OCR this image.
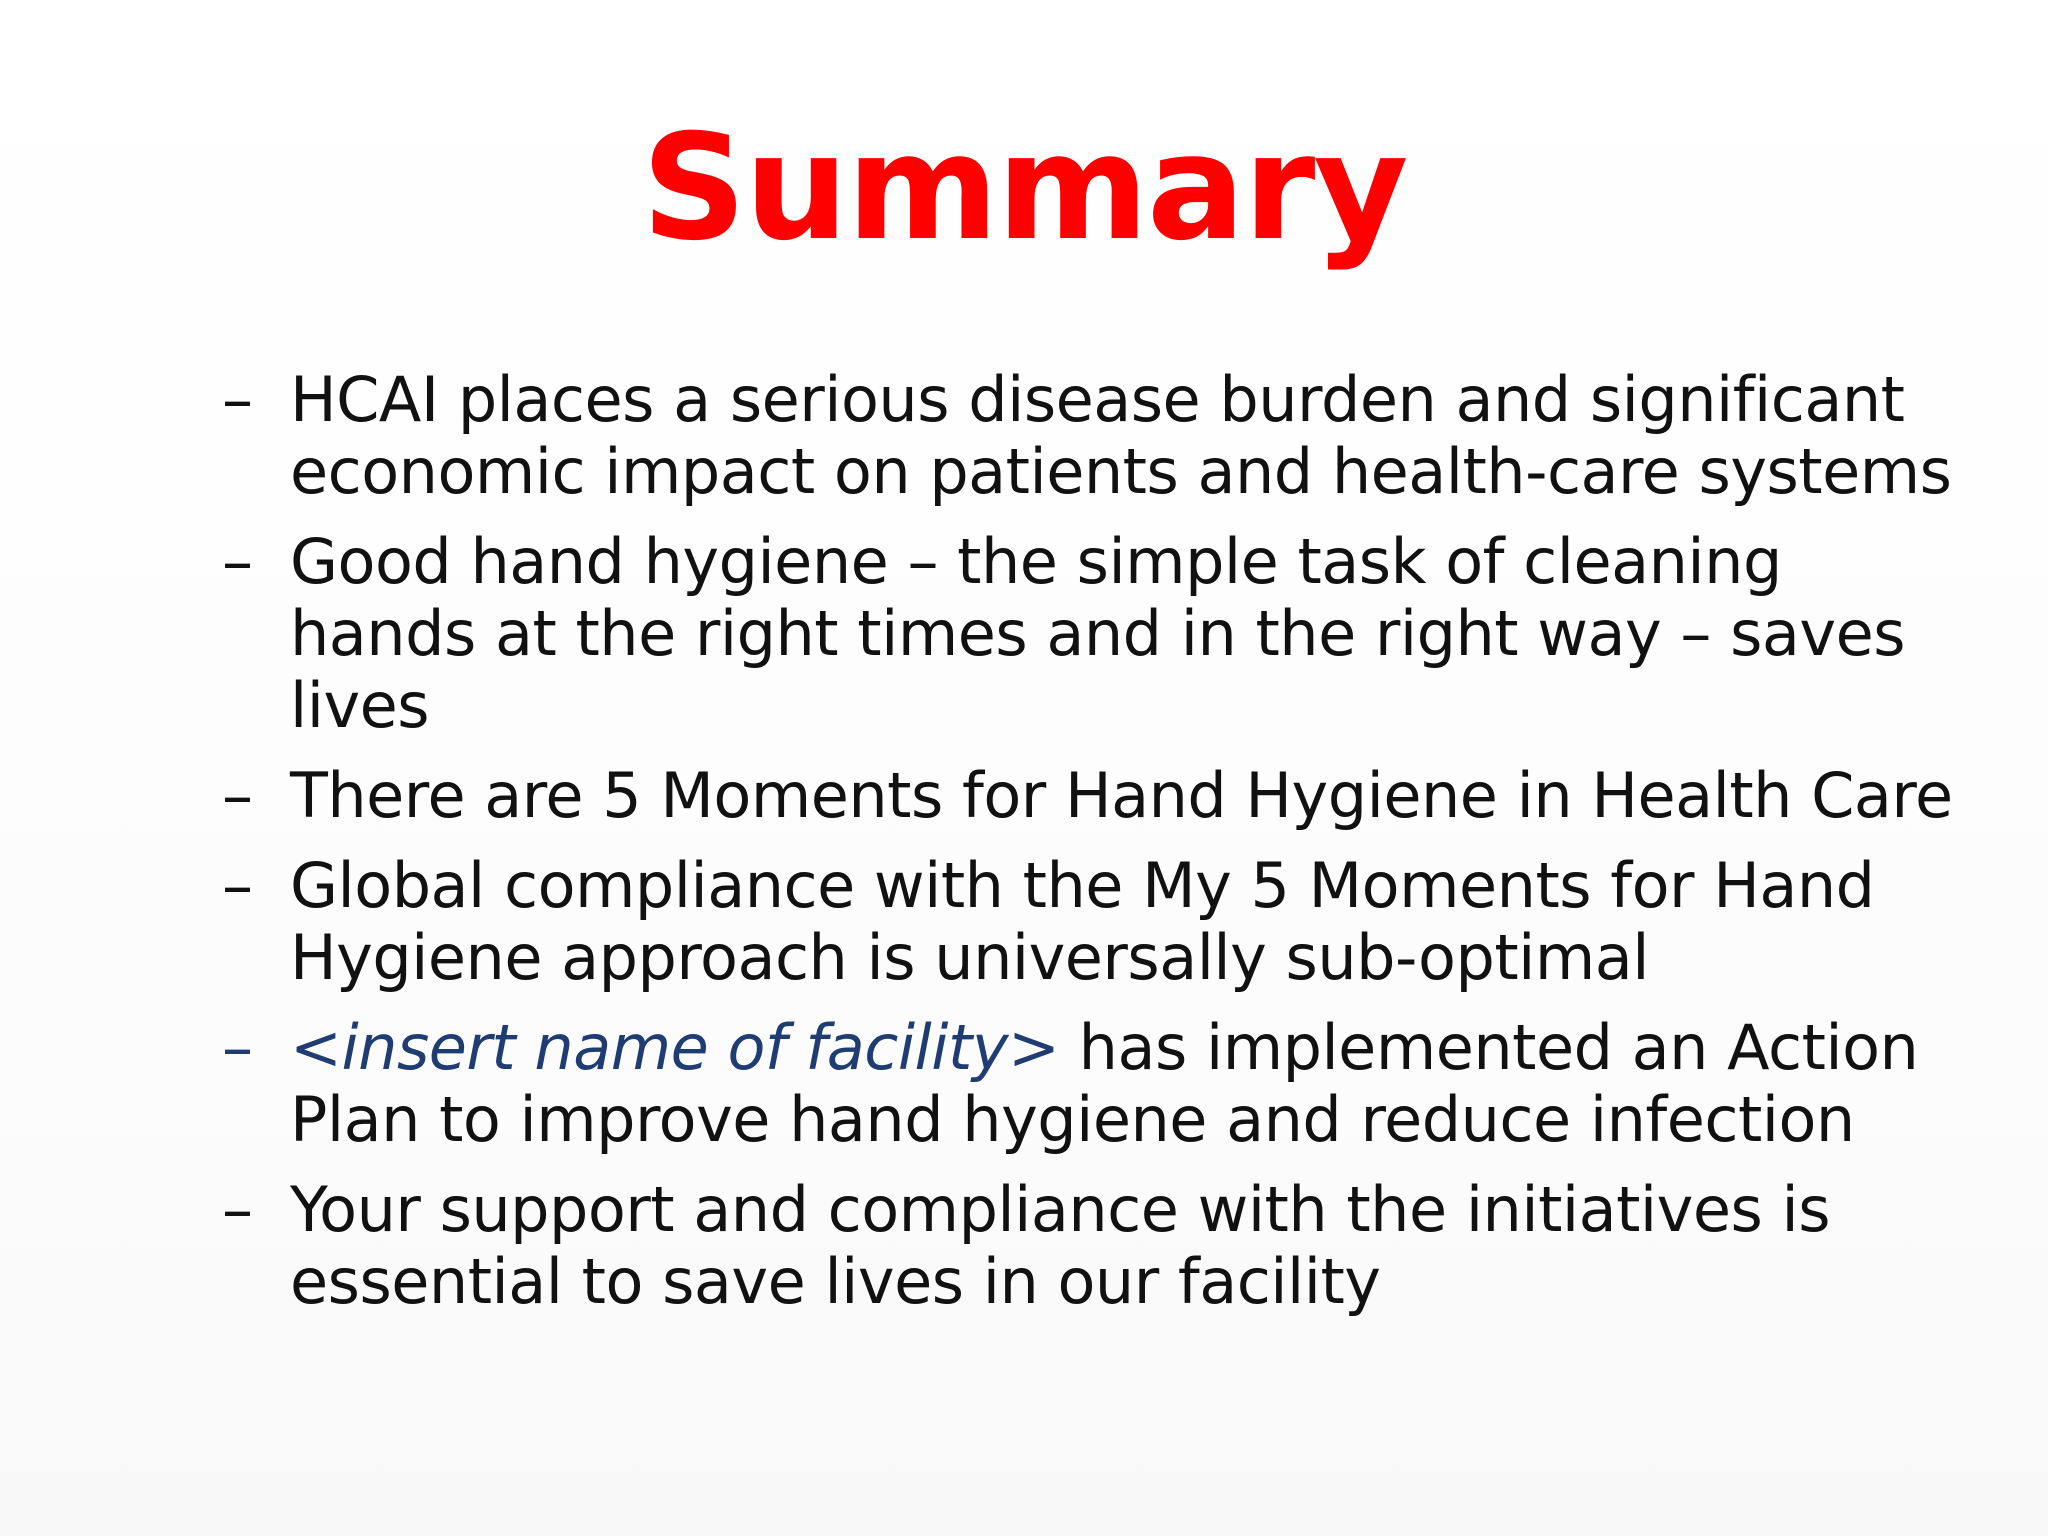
Summary
– HCAI places a serious disease burden and significant economic impact on patients and health-care systems
– Good hand hygiene – the simple task of cleaning hands at the right times and in the right way – saves lives
– There are 5 Moments for Hand Hygiene in Health Care
– Global compliance with the My 5 Moments for Hand Hygiene approach is universally sub-optimal
– <insert name of facility> has implemented an Action Plan to improve hand hygiene and reduce infection
– Your support and compliance with the initiatives is essential to save lives in our facility
